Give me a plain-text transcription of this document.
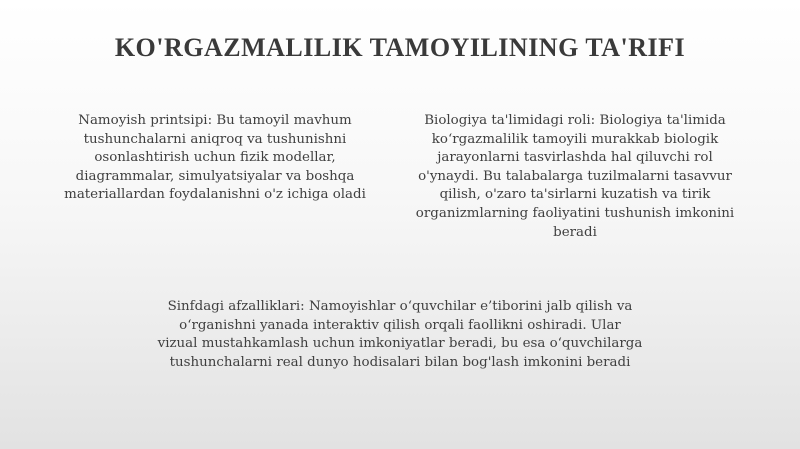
KO'RGAZMALILIK TAMOYILINING TA'RIFI
Namoyish printsipi: Bu tamoyil mavhum
tushunchalarni aniqroq va tushunishni
osonlashtirish uchun fizik modellar,
diagrammalar, simulyatsiyalar va boshqa
materiallardan foydalanishni o'z ichiga oladi
Biologiya ta'limidagi roli: Biologiya ta'limida
ko‘rgazmalilik tamoyili murakkab biologik
jarayonlarni tasvirlashda hal qiluvchi rol
o'ynaydi. Bu talabalarga tuzilmalarni tasavvur
qilish, o'zaro ta'sirlarni kuzatish va tirik
organizmlarning faoliyatini tushunish imkonini
beradi
Sinfdagi afzalliklari: Namoyishlar o‘quvchilar e’tiborini jalb qilish va
o‘rganishni yanada interaktiv qilish orqali faollikni oshiradi. Ular
vizual mustahkamlash uchun imkoniyatlar beradi, bu esa o‘quvchilarga
tushunchalarni real dunyo hodisalari bilan bog'lash imkonini beradi
